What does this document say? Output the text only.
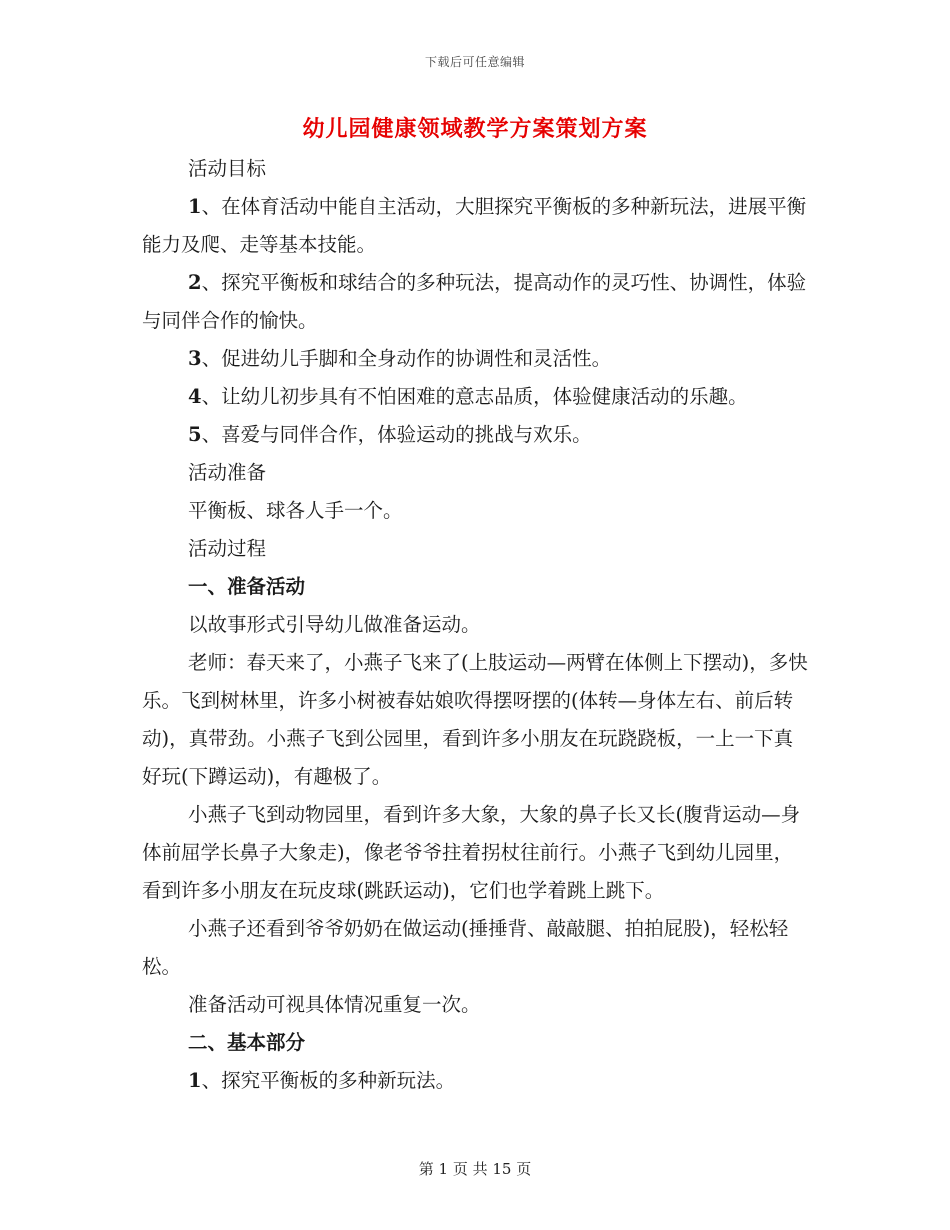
下载后可任意编辑
幼儿园健康领域教学方案策划方案

活动目标

1、在体育活动中能自主活动，大胆探究平衡板的多种新玩法，进展平衡能力及爬、走等基本技能。

2、探究平衡板和球结合的多种玩法，提高动作的灵巧性、协调性，体验与同伴合作的愉快。

3、促进幼儿手脚和全身动作的协调性和灵活性。

4、让幼儿初步具有不怕困难的意志品质，体验健康活动的乐趣。

5、喜爱与同伴合作，体验运动的挑战与欢乐。

活动准备

平衡板、球各人手一个。

活动过程

一、准备活动

以故事形式引导幼儿做准备运动。

老师：春天来了，小燕子飞来了(上肢运动—两臂在体侧上下摆动)，多快乐。飞到树林里，许多小树被春姑娘吹得摆呀摆的(体转—身体左右、前后转动)，真带劲。小燕子飞到公园里，看到许多小朋友在玩跷跷板，一上一下真好玩(下蹲运动)，有趣极了。

小燕子飞到动物园里，看到许多大象，大象的鼻子长又长(腹背运动—身体前屈学长鼻子大象走)，像老爷爷拄着拐杖往前行。小燕子飞到幼儿园里，看到许多小朋友在玩皮球(跳跃运动)，它们也学着跳上跳下。

小燕子还看到爷爷奶奶在做运动(捶捶背、敲敲腿、拍拍屁股)，轻松轻松。

准备活动可视具体情况重复一次。

二、基本部分

1、探究平衡板的多种新玩法。

第 1 页 共 15 页
